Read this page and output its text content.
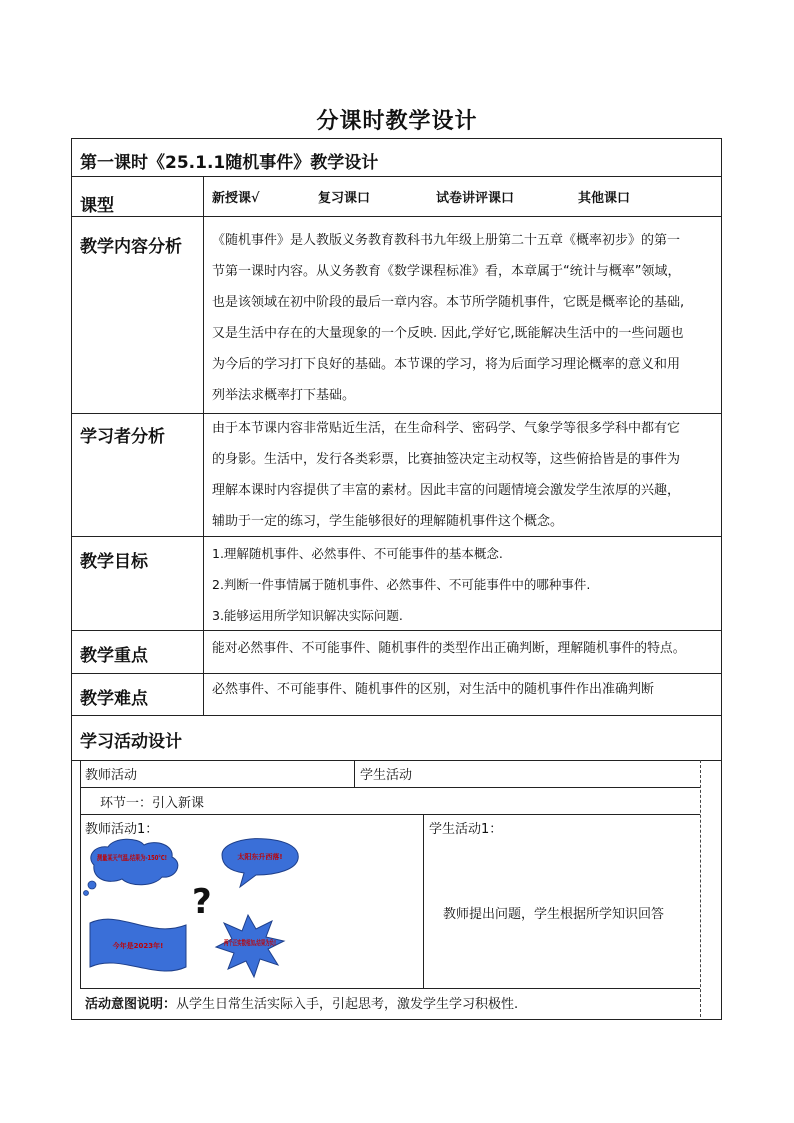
分课时教学设计
第一课时《25.1.1随机事件》教学设计
课型	新授课√	复习课口	试卷讲评课口	其他课口
教学内容分析 《随机事件》是人教版义务教育教科书九年级上册第二十五章《概率初步》的第一

节第一课时内容。从义务教育《数学课程标准》看，本章属于“统计与概率”领域，

也是该领域在初中阶段的最后一章内容。本节所学随机事件，它既是概率论的基础,

又是生活中存在的大量现象的一个反映. 因此,学好它,既能解决生活中的一些问题也

为今后的学习打下良好的基础。本节课的学习，将为后面学习理论概率的意义和用

列举法求概率打下基础。

学习者分析	由于本节课内容非常贴近生活，在生命科学、密码学、气象学等很多学科中都有它

的身影。生活中，发行各类彩票，比赛抽签决定主动权等，这些俯拾皆是的事件为

理解本课时内容提供了丰富的素材。因此丰富的问题情境会激发学生浓厚的兴趣，

辅助于一定的练习，学生能够很好的理解随机事件这个概念。

教学目标	1.理解随机事件、必然事件、不可能事件的基本概念.

2.判断一件事情属于随机事件、必然事件、不可能事件中的哪种事件.

3.能够运用所学知识解决实际问题.

教学重点	能对必然事件、不可能事件、随机事件的类型作出正确判断，理解随机事件的特点。
教学难点	必然事件、不可能事件、随机事件的区别，对生活中的随机事件作出准确判断
学习活动设计
教师活动	学生活动
环节一：引入新课
教师活动1：	学生活动1：
教师提出问题，学生根据所学知识回答
测量某天气温,结果为-150°C!	太阳东升西落!
?
今年是2023年!	两个正实数相加,结果为负!
活动意图说明：从学生日常生活实际入手，引起思考，激发学生学习积极性.
